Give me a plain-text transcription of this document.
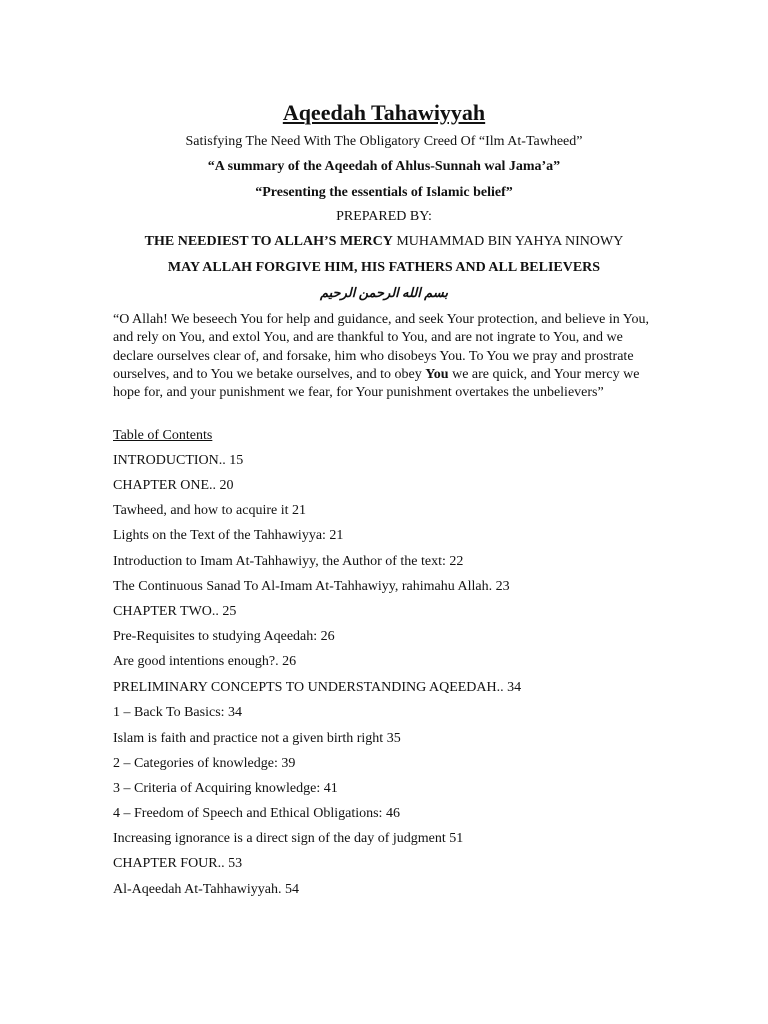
Aqeedah Tahawiyyah
Satisfying The Need With The Obligatory Creed Of “Ilm At-Tawheed”
“A summary of the Aqeedah of Ahlus-Sunnah wal Jama’a”
“Presenting the essentials of Islamic belief”
PREPARED BY:
THE NEEDIEST TO ALLAH’S MERCY MUHAMMAD BIN YAHYA NINOWY
MAY ALLAH FORGIVE HIM, HIS FATHERS AND ALL BELIEVERS
بسم الله الرحمن الرحيم
“O Allah! We beseech You for help and guidance, and seek Your protection, and believe in You, and rely on You, and extol You, and are thankful to You, and are not ingrate to You, and we declare ourselves clear of, and forsake, him who disobeys You. To You we pray and prostrate ourselves, and to You we betake ourselves, and to obey You we are quick, and Your mercy we hope for, and your punishment we fear, for Your punishment overtakes the unbelievers”
Table of Contents
INTRODUCTION.. 15
CHAPTER ONE.. 20
Tawheed, and how to acquire it 21
Lights on the Text of the Tahhawiyya: 21
Introduction to Imam At-Tahhawiyy, the Author of the text: 22
The Continuous Sanad To Al-Imam At-Tahhawiyy, rahimahu Allah. 23
CHAPTER TWO.. 25
Pre-Requisites to studying Aqeedah: 26
Are good intentions enough?. 26
PRELIMINARY CONCEPTS TO UNDERSTANDING AQEEDAH.. 34
1 – Back To Basics: 34
Islam is faith and practice not a given birth right 35
2 – Categories of knowledge: 39
3 – Criteria of Acquiring knowledge: 41
4 – Freedom of Speech and Ethical Obligations: 46
Increasing ignorance is a direct sign of the day of judgment 51
CHAPTER FOUR.. 53
Al-Aqeedah At-Tahhawiyyah. 54
